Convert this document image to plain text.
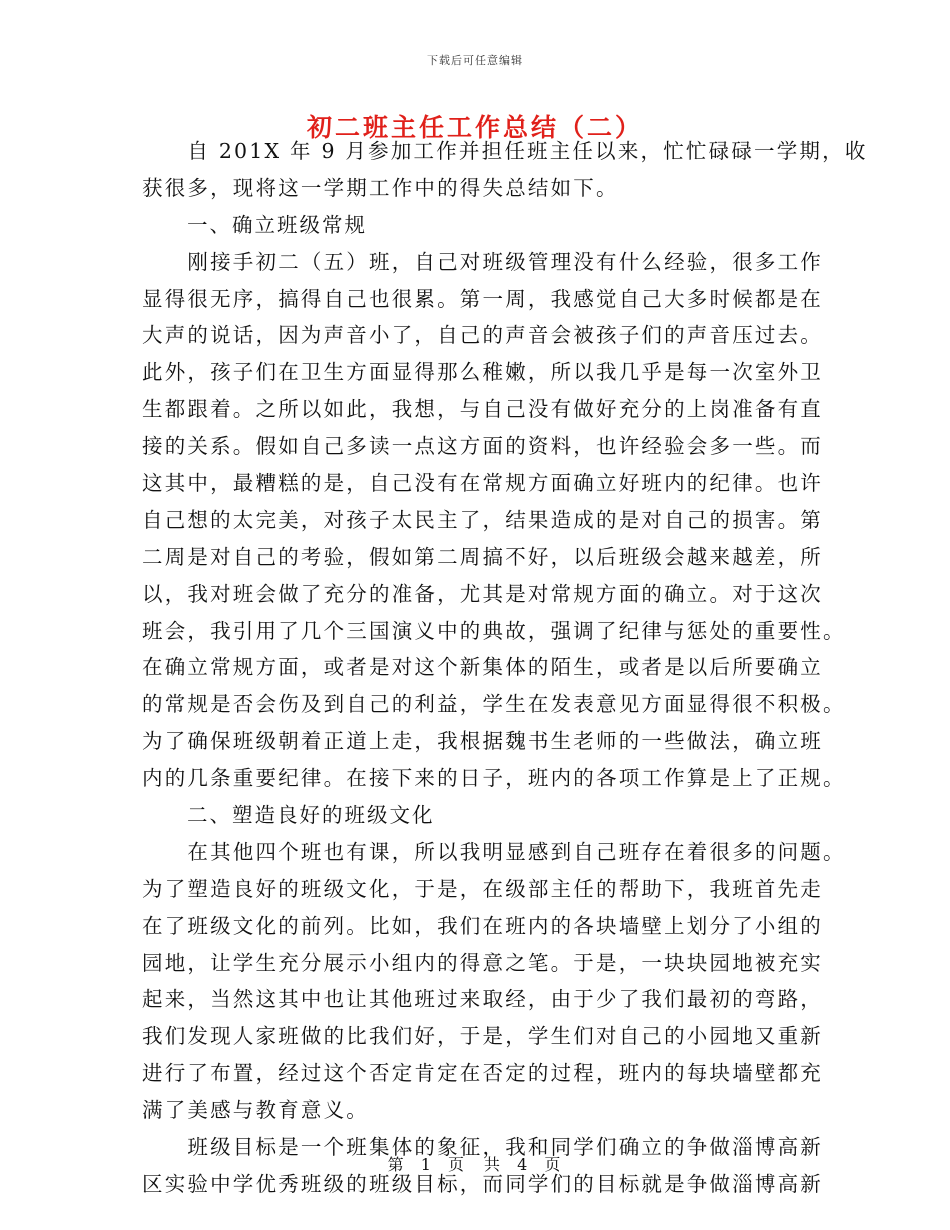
下载后可任意编辑
初二班主任工作总结（二）
　　自 201X 年 9 月参加工作并担任班主任以来，忙忙碌碌一学期，收
获很多，现将这一学期工作中的得失总结如下。
　　一、确立班级常规
　　刚接手初二（五）班，自己对班级管理没有什么经验，很多工作
显得很无序，搞得自己也很累。第一周，我感觉自己大多时候都是在
大声的说话，因为声音小了，自己的声音会被孩子们的声音压过去。
此外，孩子们在卫生方面显得那么稚嫩，所以我几乎是每一次室外卫
生都跟着。之所以如此，我想，与自己没有做好充分的上岗准备有直
接的关系。假如自己多读一点这方面的资料，也许经验会多一些。而
这其中，最糟糕的是，自己没有在常规方面确立好班内的纪律。也许
自己想的太完美，对孩子太民主了，结果造成的是对自己的损害。第
二周是对自己的考验，假如第二周搞不好，以后班级会越来越差，所
以，我对班会做了充分的准备，尤其是对常规方面的确立。对于这次
班会，我引用了几个三国演义中的典故，强调了纪律与惩处的重要性。
在确立常规方面，或者是对这个新集体的陌生，或者是以后所要确立
的常规是否会伤及到自己的利益，学生在发表意见方面显得很不积极。
为了确保班级朝着正道上走，我根据魏书生老师的一些做法，确立班
内的几条重要纪律。在接下来的日子，班内的各项工作算是上了正规。
　　二、塑造良好的班级文化
　　在其他四个班也有课，所以我明显感到自己班存在着很多的问题。
为了塑造良好的班级文化，于是，在级部主任的帮助下，我班首先走
在了班级文化的前列。比如，我们在班内的各块墙壁上划分了小组的
园地，让学生充分展示小组内的得意之笔。于是，一块块园地被充实
起来，当然这其中也让其他班过来取经，由于少了我们最初的弯路，
我们发现人家班做的比我们好，于是，学生们对自己的小园地又重新
进行了布置，经过这个否定肯定在否定的过程，班内的每块墙壁都充
满了美感与教育意义。
　　班级目标是一个班集体的象征，我和同学们确立的争做淄博高新
区实验中学优秀班级的班级目标，而同学们的目标就是争做淄博高新
第 1 页　共 4 页
